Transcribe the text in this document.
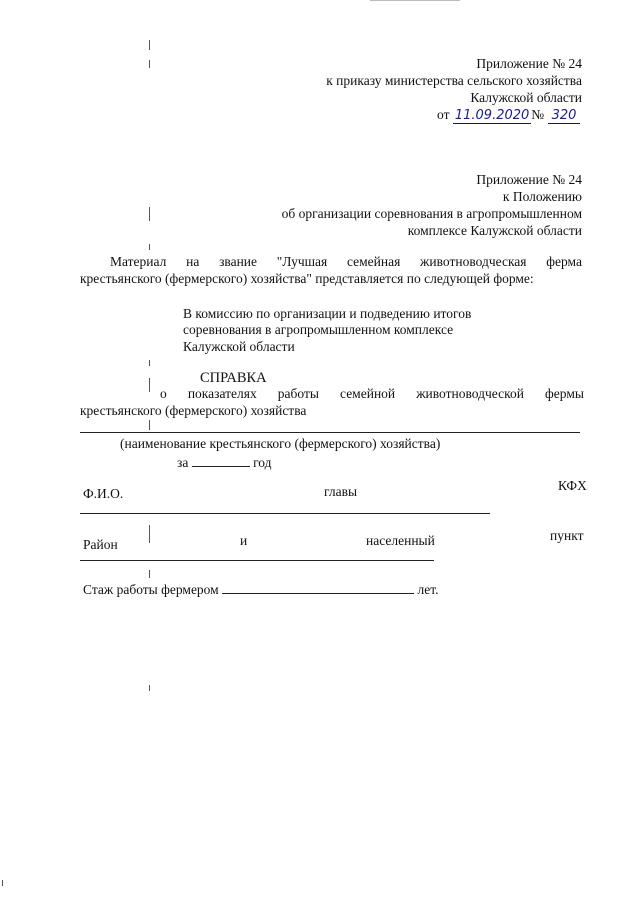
Приложение № 24
к приказу министерства сельского хозяйства
Калужской области
от 11.09.2020 № 320
Приложение № 24
к Положению
об организации соревнования в агропромышленном
комплексе Калужской области
Материал на звание "Лучшая семейная животноводческая ферма
крестьянского (фермерского) хозяйства" представляется по следующей форме:
В комиссию по организации и подведению итогов
соревнования в агропромышленном комплексе
Калужской области
СПРАВКА
о показателях работы семейной животноводческой фермы
крестьянского (фермерского) хозяйства
(наименование крестьянского (фермерского) хозяйства)
за	год
Ф.И.О.	главы	КФХ
Район	и	населенный	пункт
Стаж работы фермером	лет.
